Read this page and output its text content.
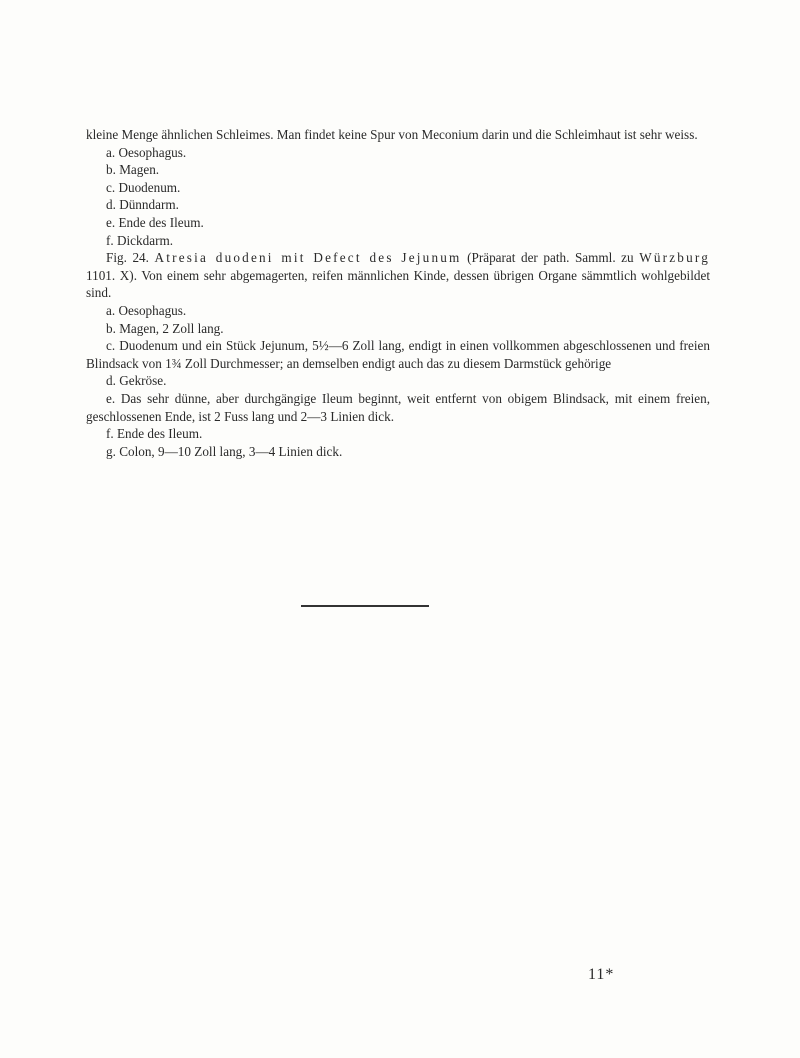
kleine Menge ähnlichen Schleimes. Man findet keine Spur von Meconium darin und die Schleimhaut ist sehr weiss.

a. Oesophagus.

b. Magen.

c. Duodenum.

d. Dünndarm.

e. Ende des Ileum.

f. Dickdarm.

Fig. 24. Atresia duodeni mit Defect des Jejunum (Präparat der path. Samml. zu Würzburg 1101. X). Von einem sehr abgemagerten, reifen männlichen Kinde, dessen übrigen Organe sämmtlich wohlgebildet sind.

a. Oesophagus.

b. Magen, 2 Zoll lang.

c. Duodenum und ein Stück Jejunum, 5½—6 Zoll lang, endigt in einen vollkommen abgeschlossenen und freien Blindsack von 1¾ Zoll Durchmesser; an demselben endigt auch das zu diesem Darmstück gehörige

d. Gekröse.

e. Das sehr dünne, aber durchgängige Ileum beginnt, weit entfernt von obigem Blindsack, mit einem freien, geschlossenen Ende, ist 2 Fuss lang und 2—3 Linien dick.

f. Ende des Ileum.

g. Colon, 9—10 Zoll lang, 3—4 Linien dick.

11*
